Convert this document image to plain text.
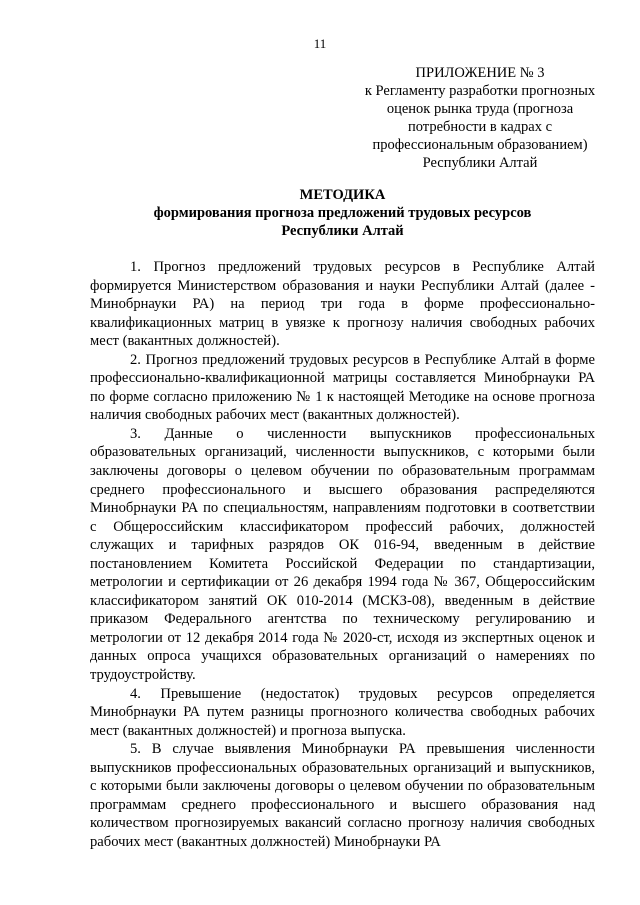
11
ПРИЛОЖЕНИЕ № 3
к Регламенту разработки прогнозных
оценок рынка труда (прогноза
потребности в кадрах с
профессиональным образованием)
Республики Алтай
МЕТОДИКА
формирования прогноза предложений трудовых ресурсов
Республики Алтай

1. Прогноз предложений трудовых ресурсов в Республике Алтай формируется Министерством образования и науки Республики Алтай (далее - Минобрнауки РА) на период три года в форме профессионально-квалификационных матриц в увязке к прогнозу наличия свободных рабочих мест (вакантных должностей).

2. Прогноз предложений трудовых ресурсов в Республике Алтай в форме профессионально-квалификационной матрицы составляется Минобрнауки РА по форме согласно приложению № 1 к настоящей Методике на основе прогноза наличия свободных рабочих мест (вакантных должностей).

3. Данные о численности выпускников профессиональных образовательных организаций, численности выпускников, с которыми были заключены договоры о целевом обучении по образовательным программам среднего профессионального и высшего образования распределяются Минобрнауки РА по специальностям, направлениям подготовки в соответствии с Общероссийским классификатором профессий рабочих, должностей служащих и тарифных разрядов ОК 016-94, введенным в действие постановлением Комитета Российской Федерации по стандартизации, метрологии и сертификации от 26 декабря 1994 года № 367, Общероссийским классификатором занятий ОК 010-2014 (МСКЗ-08), введенным в действие приказом Федерального агентства по техническому регулированию и метрологии от 12 декабря 2014 года № 2020-ст, исходя из экспертных оценок и данных опроса учащихся образовательных организаций о намерениях по трудоустройству.

4. Превышение (недостаток) трудовых ресурсов определяется Минобрнауки РА путем разницы прогнозного количества свободных рабочих мест (вакантных должностей) и прогноза выпуска.

5. В случае выявления Минобрнауки РА превышения численности выпускников профессиональных образовательных организаций и выпускников, с которыми были заключены договоры о целевом обучении по образовательным программам среднего профессионального и высшего образования над количеством прогнозируемых вакансий согласно прогнозу наличия свободных рабочих мест (вакантных должностей) Минобрнауки РА
